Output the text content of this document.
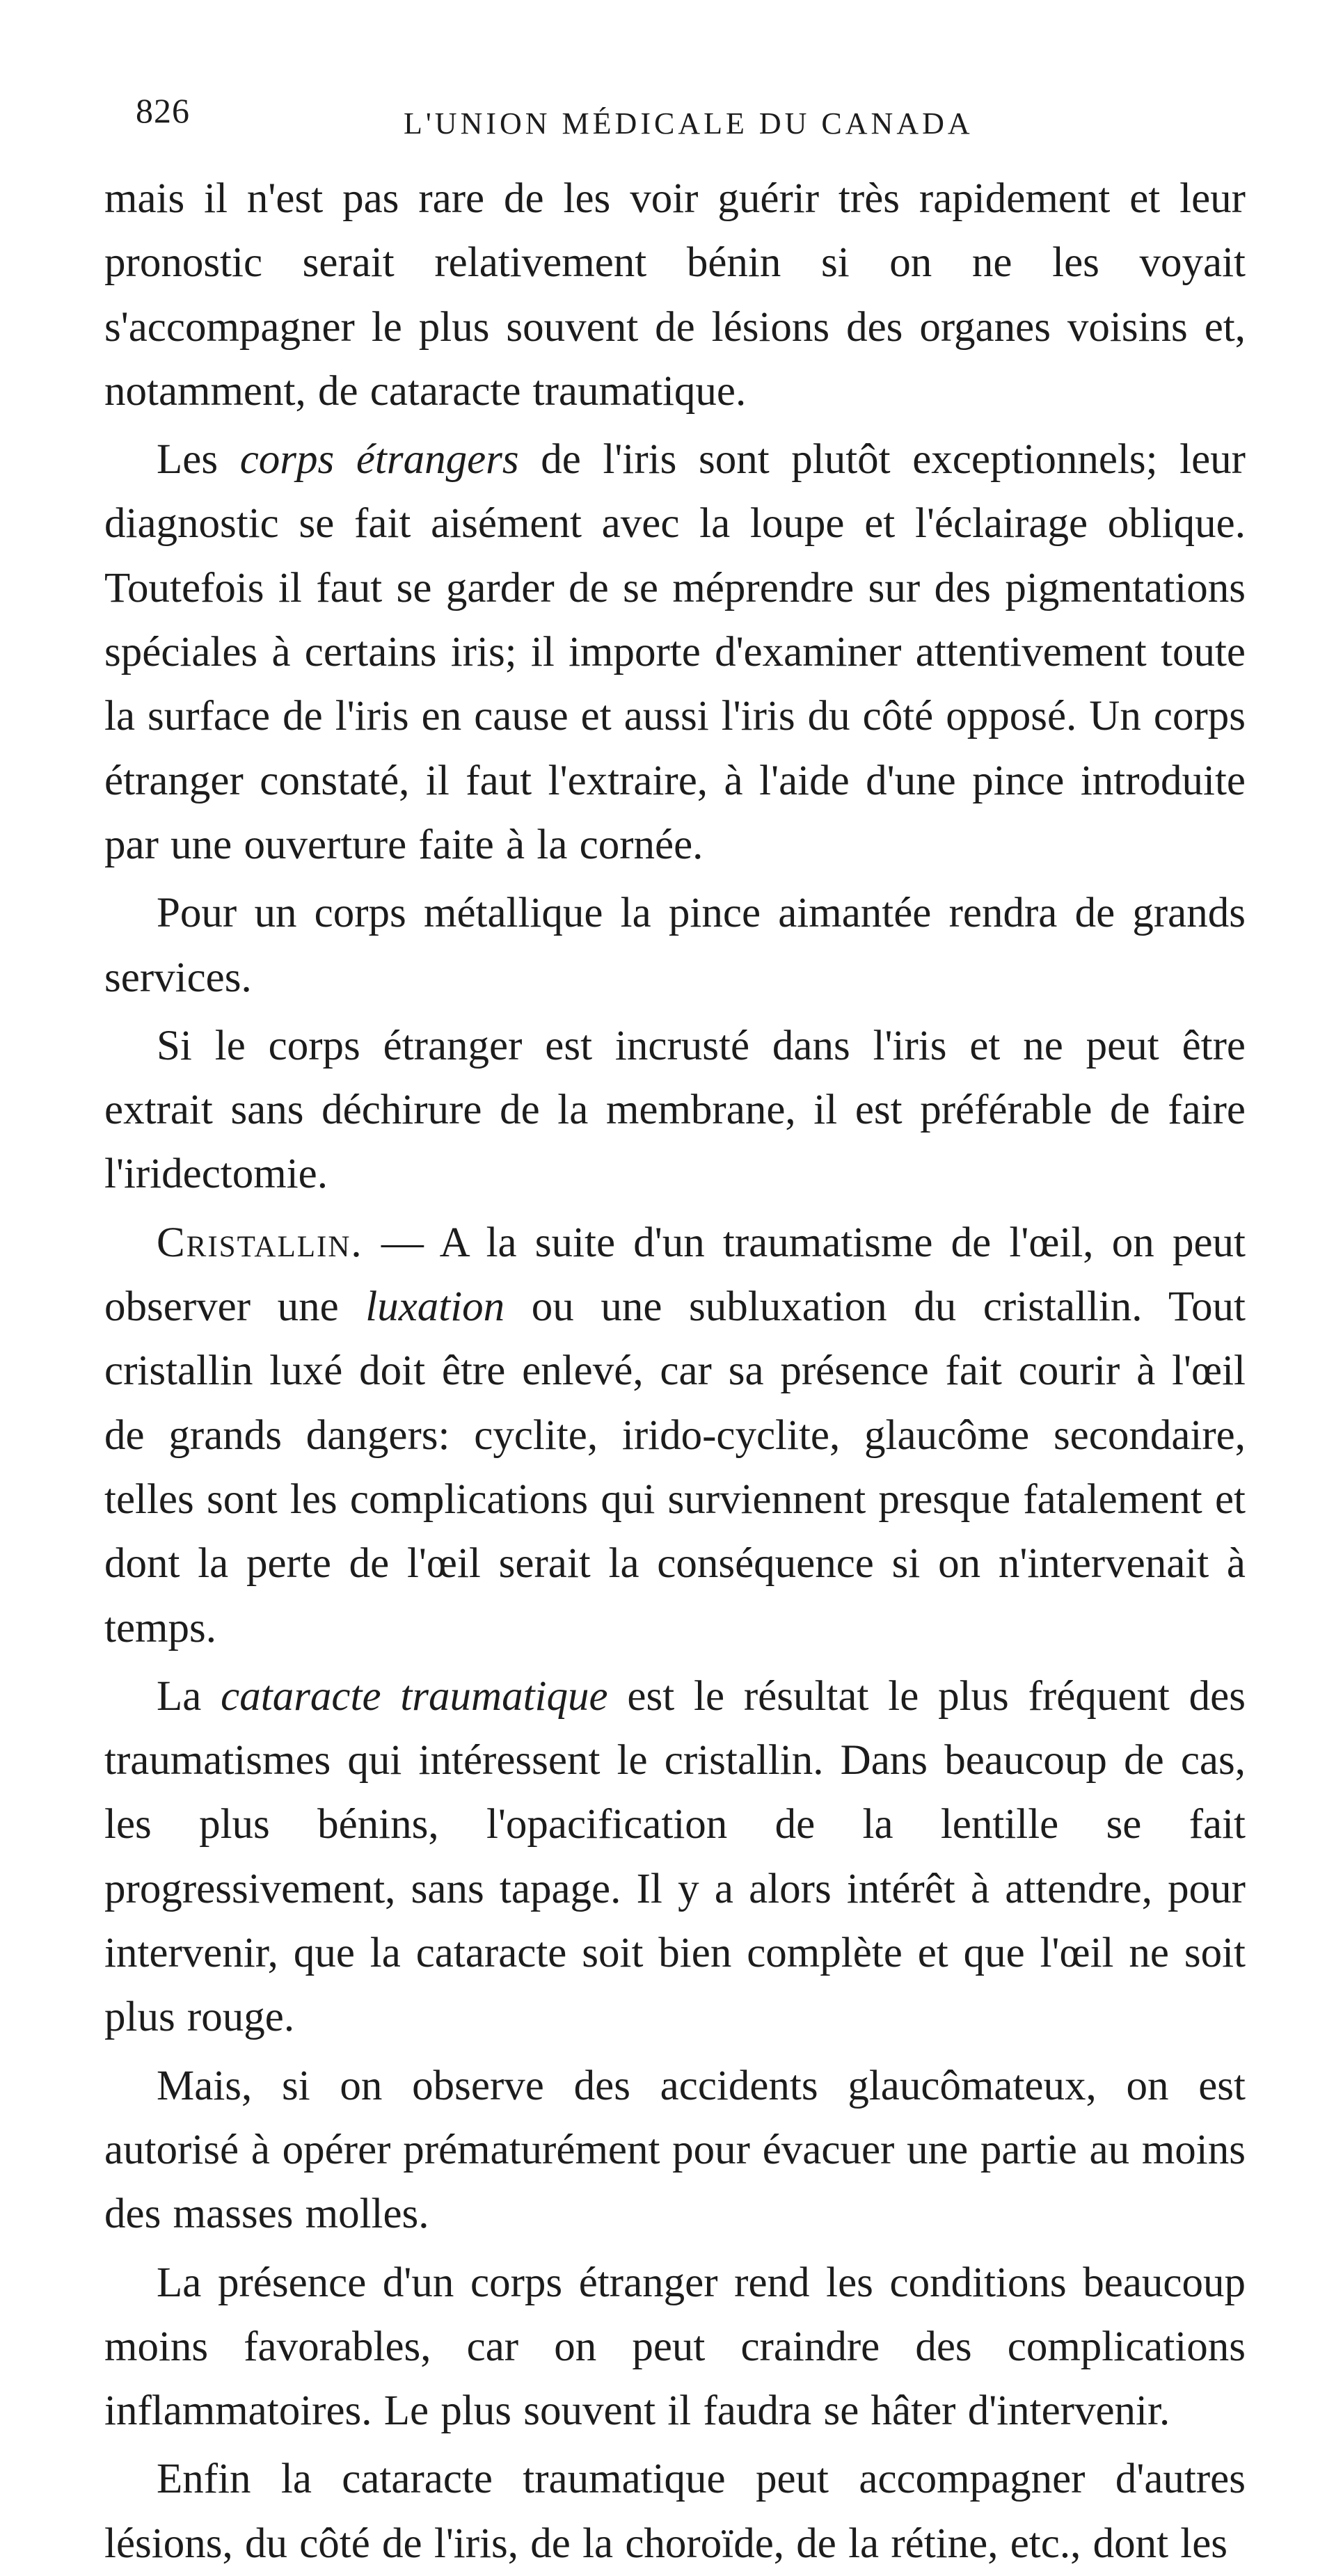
826	L'UNION MÉDICALE DU CANADA

mais il n'est pas rare de les voir guérir très rapidement et leur pronostic serait relativement bénin si on ne les voyait s'accompagner le plus souvent de lésions des organes voisins et, notamment, de cataracte traumatique.

Les corps étrangers de l'iris sont plutôt exceptionnels; leur diagnostic se fait aisément avec la loupe et l'éclairage oblique. Toutefois il faut se garder de se méprendre sur des pigmentations spéciales à certains iris; il importe d'examiner attentivement toute la surface de l'iris en cause et aussi l'iris du côté opposé. Un corps étranger constaté, il faut l'extraire, à l'aide d'une pince introduite par une ouverture faite à la cornée.

Pour un corps métallique la pince aimantée rendra de grands services.

Si le corps étranger est incrusté dans l'iris et ne peut être extrait sans déchirure de la membrane, il est préférable de faire l'iridectomie.

Cristallin. — A la suite d'un traumatisme de l'œil, on peut observer une luxation ou une subluxation du cristallin. Tout cristallin luxé doit être enlevé, car sa présence fait courir à l'œil de grands dangers: cyclite, irido-cyclite, glaucôme secondaire, telles sont les complications qui surviennent presque fatalement et dont la perte de l'œil serait la conséquence si on n'intervenait à temps.

La cataracte traumatique est le résultat le plus fréquent des traumatismes qui intéressent le cristallin. Dans beaucoup de cas, les plus bénins, l'opacification de la lentille se fait progressivement, sans tapage. Il y a alors intérêt à attendre, pour intervenir, que la cataracte soit bien complète et que l'œil ne soit plus rouge.

Mais, si on observe des accidents glaucômateux, on est autorisé à opérer prématurément pour évacuer une partie au moins des masses molles.

La présence d'un corps étranger rend les conditions beaucoup moins favorables, car on peut craindre des complications inflammatoires. Le plus souvent il faudra se hâter d'intervenir.

Enfin la cataracte traumatique peut accompagner d'autres lésions, du côté de l'iris, de la choroïde, de la rétine, etc., dont les
